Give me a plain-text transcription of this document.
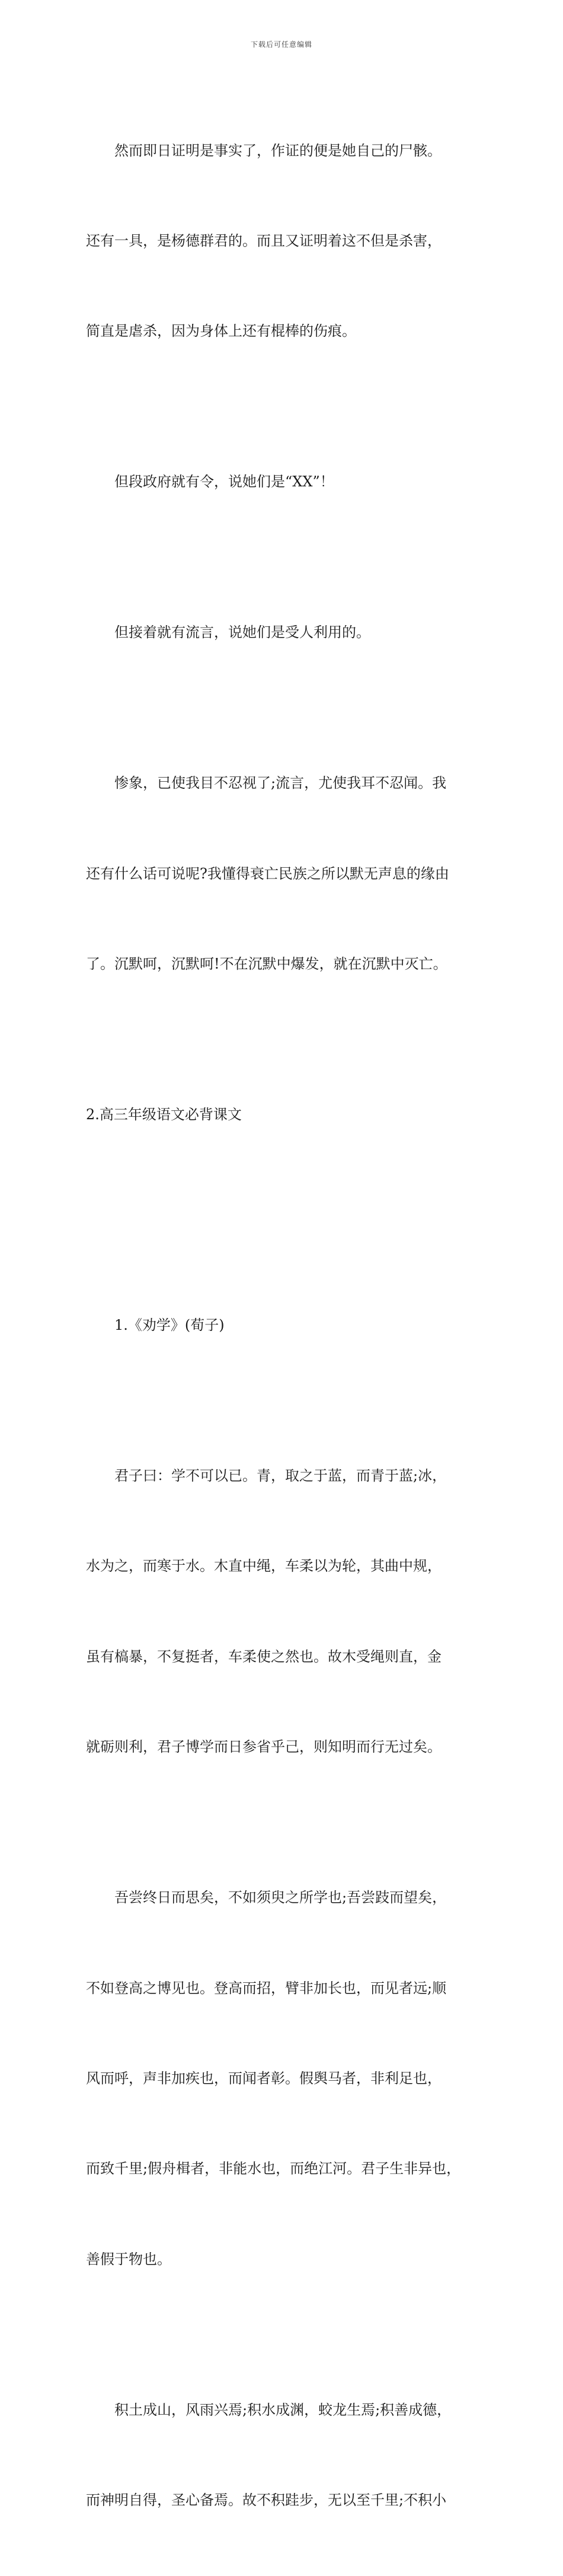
下载后可任意编辑

然而即日证明是事实了，作证的便是她自己的尸骸。

还有一具，是杨德群君的。而且又证明着这不但是杀害，

简直是虐杀，因为身体上还有棍棒的伤痕。

但段政府就有令，说她们是“XX”！

但接着就有流言，说她们是受人利用的。

惨象，已使我目不忍视了;流言，尤使我耳不忍闻。我

还有什么话可说呢?我懂得衰亡民族之所以默无声息的缘由

了。沉默呵，沉默呵!不在沉默中爆发，就在沉默中灭亡。

2.高三年级语文必背课文

1.《劝学》(荀子)

君子曰：学不可以已。青，取之于蓝，而青于蓝;冰，

水为之，而寒于水。木直中绳，车柔以为轮，其曲中规，

虽有槁暴，不复挺者，车柔使之然也。故木受绳则直，金

就砺则利，君子博学而日参省乎己，则知明而行无过矣。

吾尝终日而思矣，不如须臾之所学也;吾尝跂而望矣，

不如登高之博见也。登高而招，臂非加长也，而见者远;顺

风而呼，声非加疾也，而闻者彰。假舆马者，非利足也，

而致千里;假舟楫者，非能水也，而绝江河。君子生非异也，

善假于物也。

积土成山，风雨兴焉;积水成渊，蛟龙生焉;积善成德，

而神明自得，圣心备焉。故不积跬步，无以至千里;不积小
